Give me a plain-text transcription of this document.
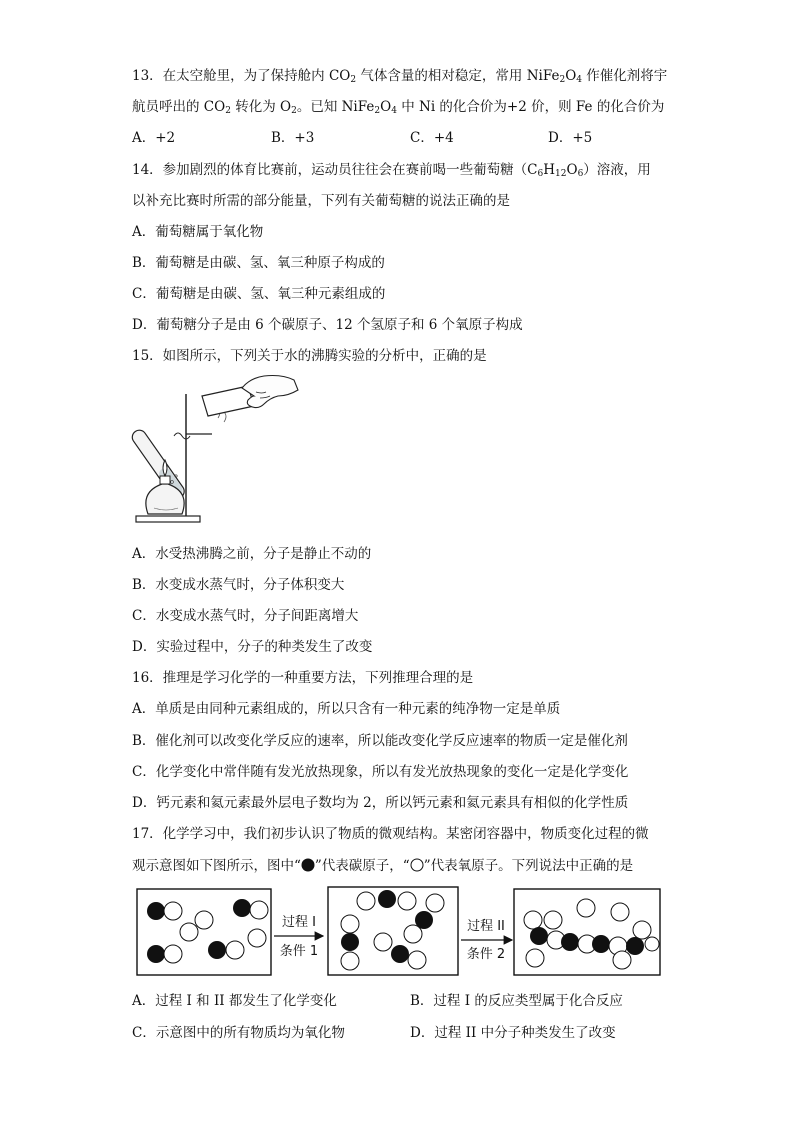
13．在太空舱里，为了保持舱内 $CO_2$ 气体含量的相对稳定，常用 $NiFe_2O_4$ 作催化剂将宇
航员呼出的 $CO_2$ 转化为 $O_2$。已知 $NiFe_2O_4$ 中 Ni 的化合价为+2 价，则 Fe 的化合价为
A．+2	B．+3	C．+4	D．+5
14．参加剧烈的体育比赛前，运动员往往会在赛前喝一些葡萄糖$(C_6H_{12}O_6)$溶液，用
以补充比赛时所需的部分能量，下列有关葡萄糖的说法正确的是
A．葡萄糖属于氧化物
B．葡萄糖是由碳、氢、氧三种原子构成的
C．葡萄糖是由碳、氢、氧三种元素组成的
D．葡萄糖分子是由 6 个碳原子、12 个氢原子和 6 个氧原子构成
15．如图所示，下列关于水的沸腾实验的分析中，正确的是
A．水受热沸腾之前，分子是静止不动的
B．水变成水蒸气时，分子体积变大
C．水变成水蒸气时，分子间距离增大
D．实验过程中，分子的种类发生了改变
16．推理是学习化学的一种重要方法，下列推理合理的是
A．单质是由同种元素组成的，所以只含有一种元素的纯净物一定是单质
B．催化剂可以改变化学反应的速率，所以能改变化学反应速率的物质一定是催化剂
C．化学变化中常伴随有发光放热现象，所以有发光放热现象的变化一定是化学变化
D．钙元素和氦元素最外层电子数均为 2，所以钙元素和氦元素具有相似的化学性质
17．化学学习中，我们初步认识了物质的微观结构。某密闭容器中，物质变化过程的微
观示意图如下图所示，图中“ ”代表碳原子，“ ”代表氧原子。下列说法中正确的是
过程 I
条件 1
过程 II
条件 2
A．过程 I 和 II 都发生了化学变化	B．过程 I 的反应类型属于化合反应
C．示意图中的所有物质均为氧化物	D．过程 II 中分子种类发生了改变
